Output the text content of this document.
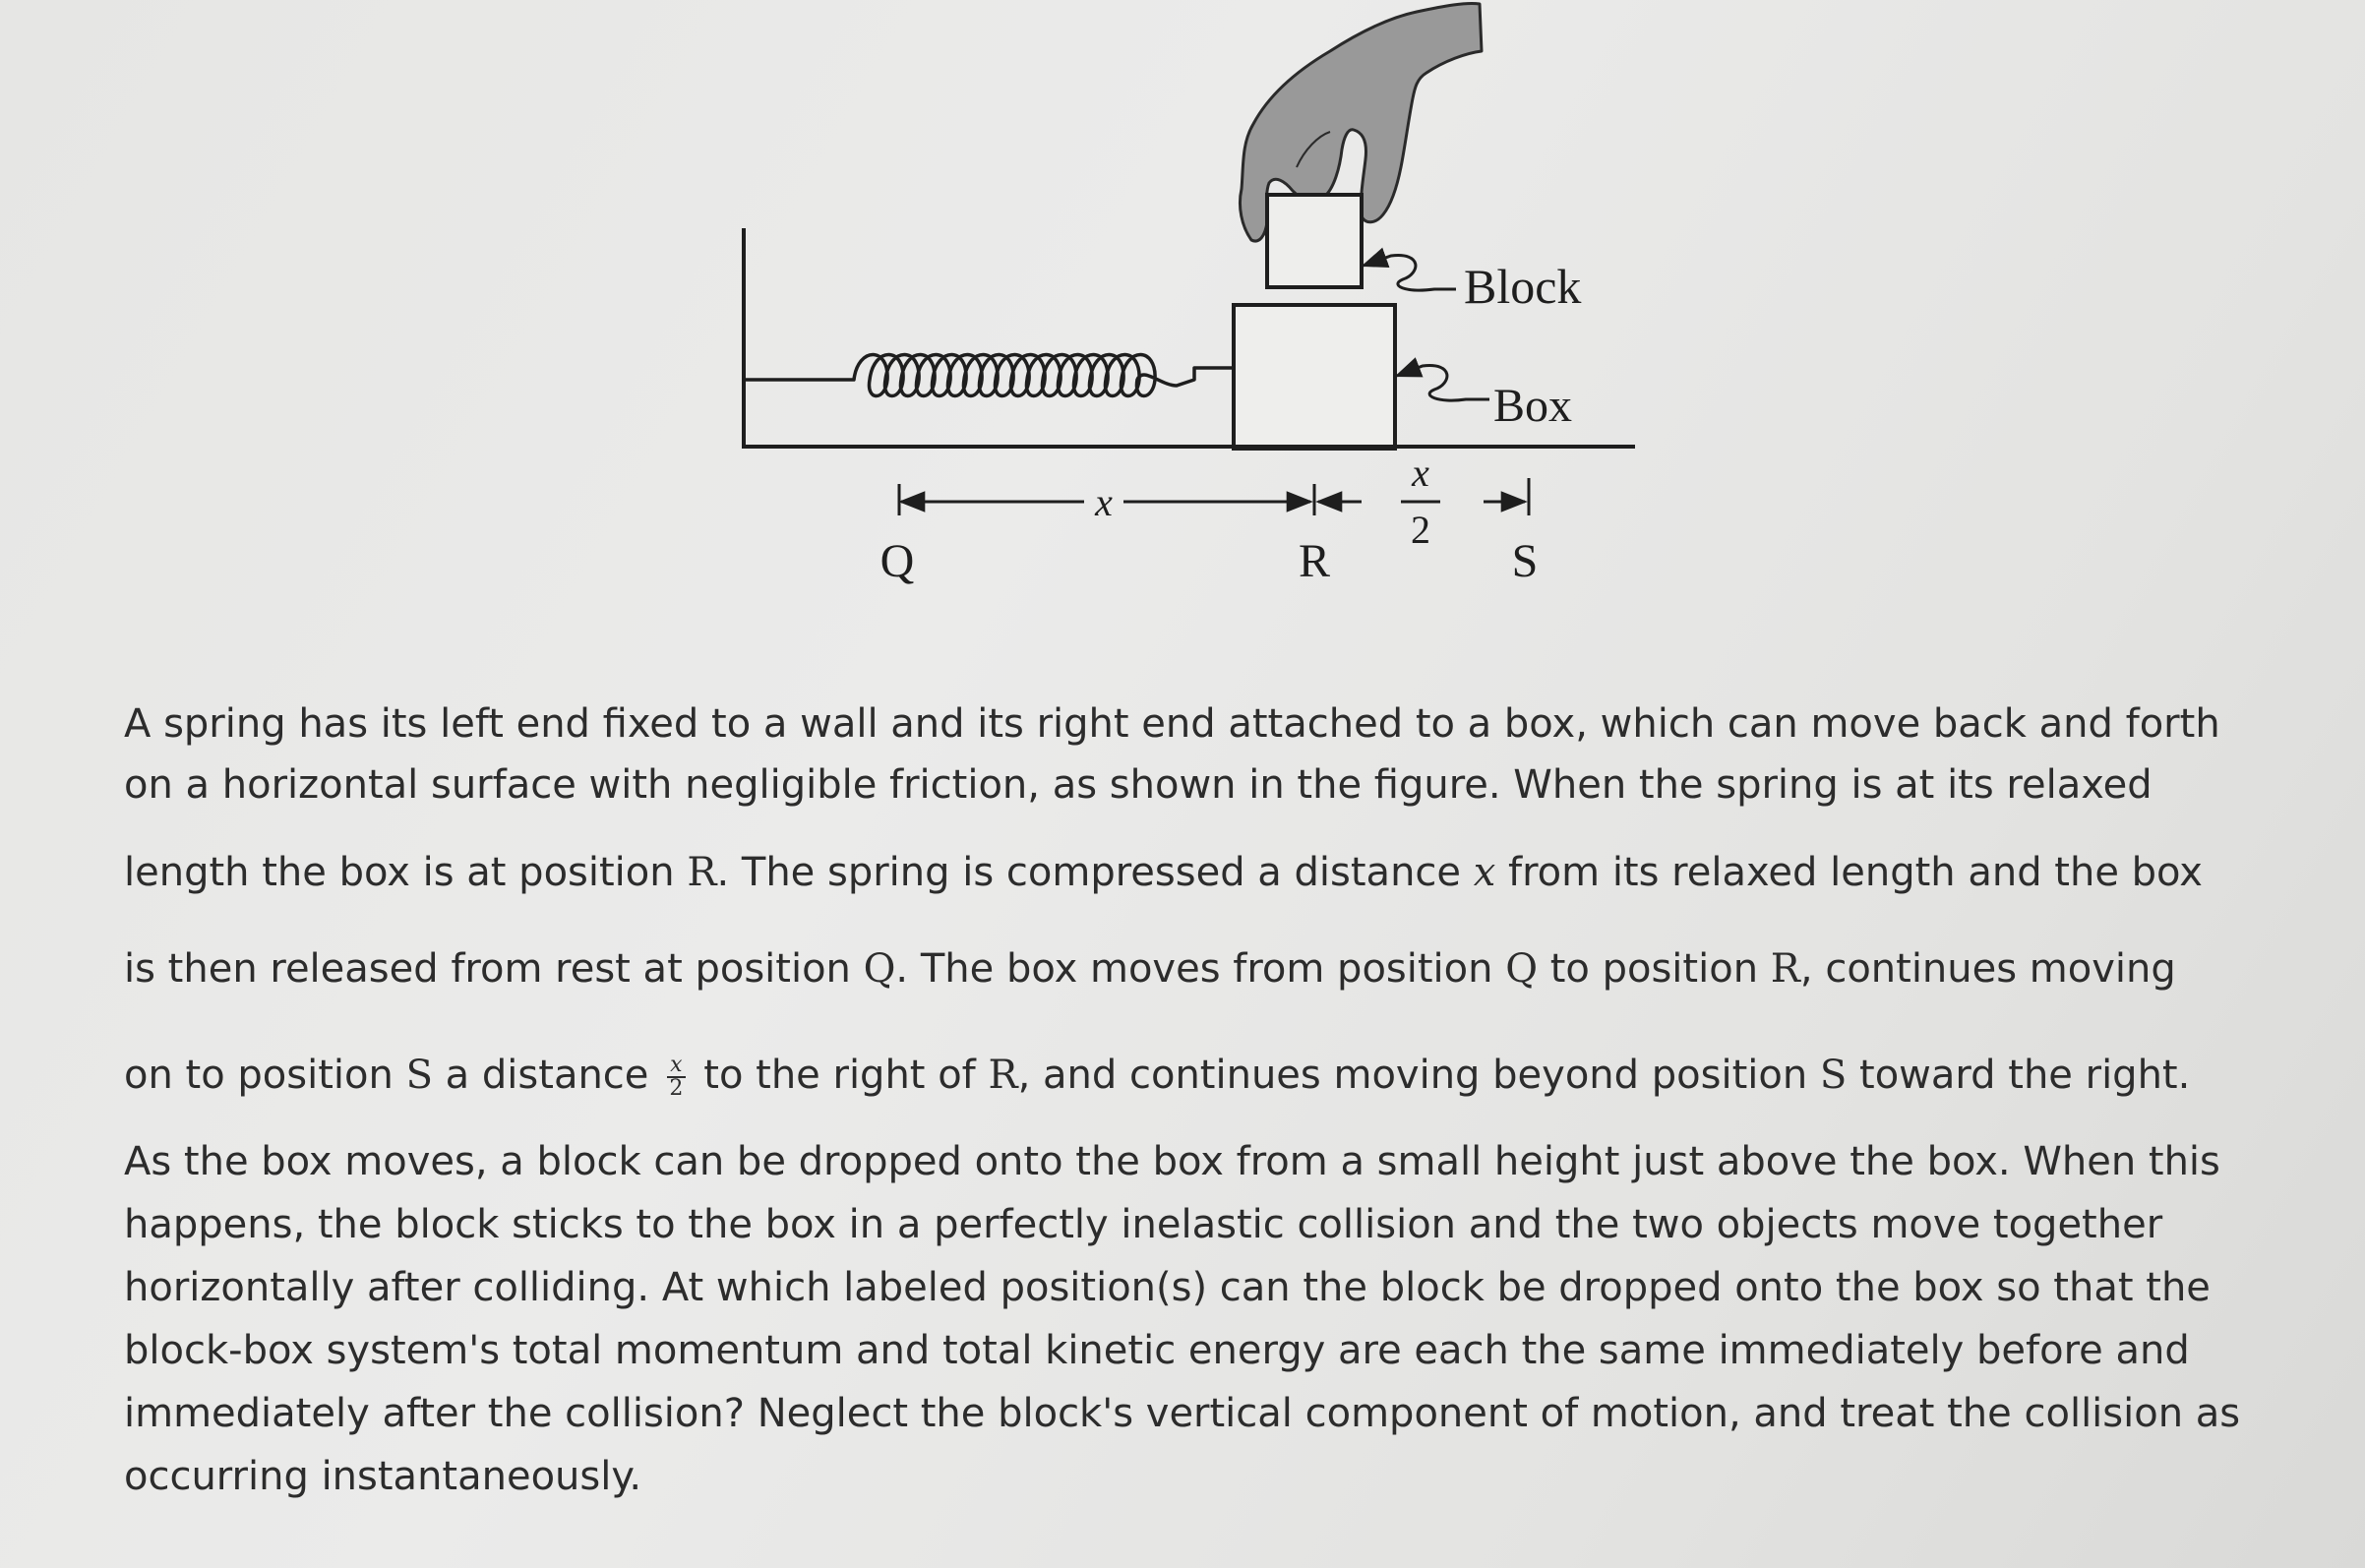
Block
Box
x
x
2
Q	R	S
A spring has its left end fixed to a wall and its right end attached to a box, which can move back and forth
on a horizontal surface with negligible friction, as shown in the figure. When the spring is at its relaxed
length the box is at position R. The spring is compressed a distance x from its relaxed length and the box
is then released from rest at position Q. The box moves from position Q to position R, continues moving
on to position S a distance $\frac{x}{2}$ to the right of R, and continues moving beyond position S toward the right.
As the box moves, a block can be dropped onto the box from a small height just above the box. When this
happens, the block sticks to the box in a perfectly inelastic collision and the two objects move together
horizontally after colliding. At which labeled position(s) can the block be dropped onto the box so that the
block-box system's total momentum and total kinetic energy are each the same immediately before and
immediately after the collision? Neglect the block's vertical component of motion, and treat the collision as
occurring instantaneously.
